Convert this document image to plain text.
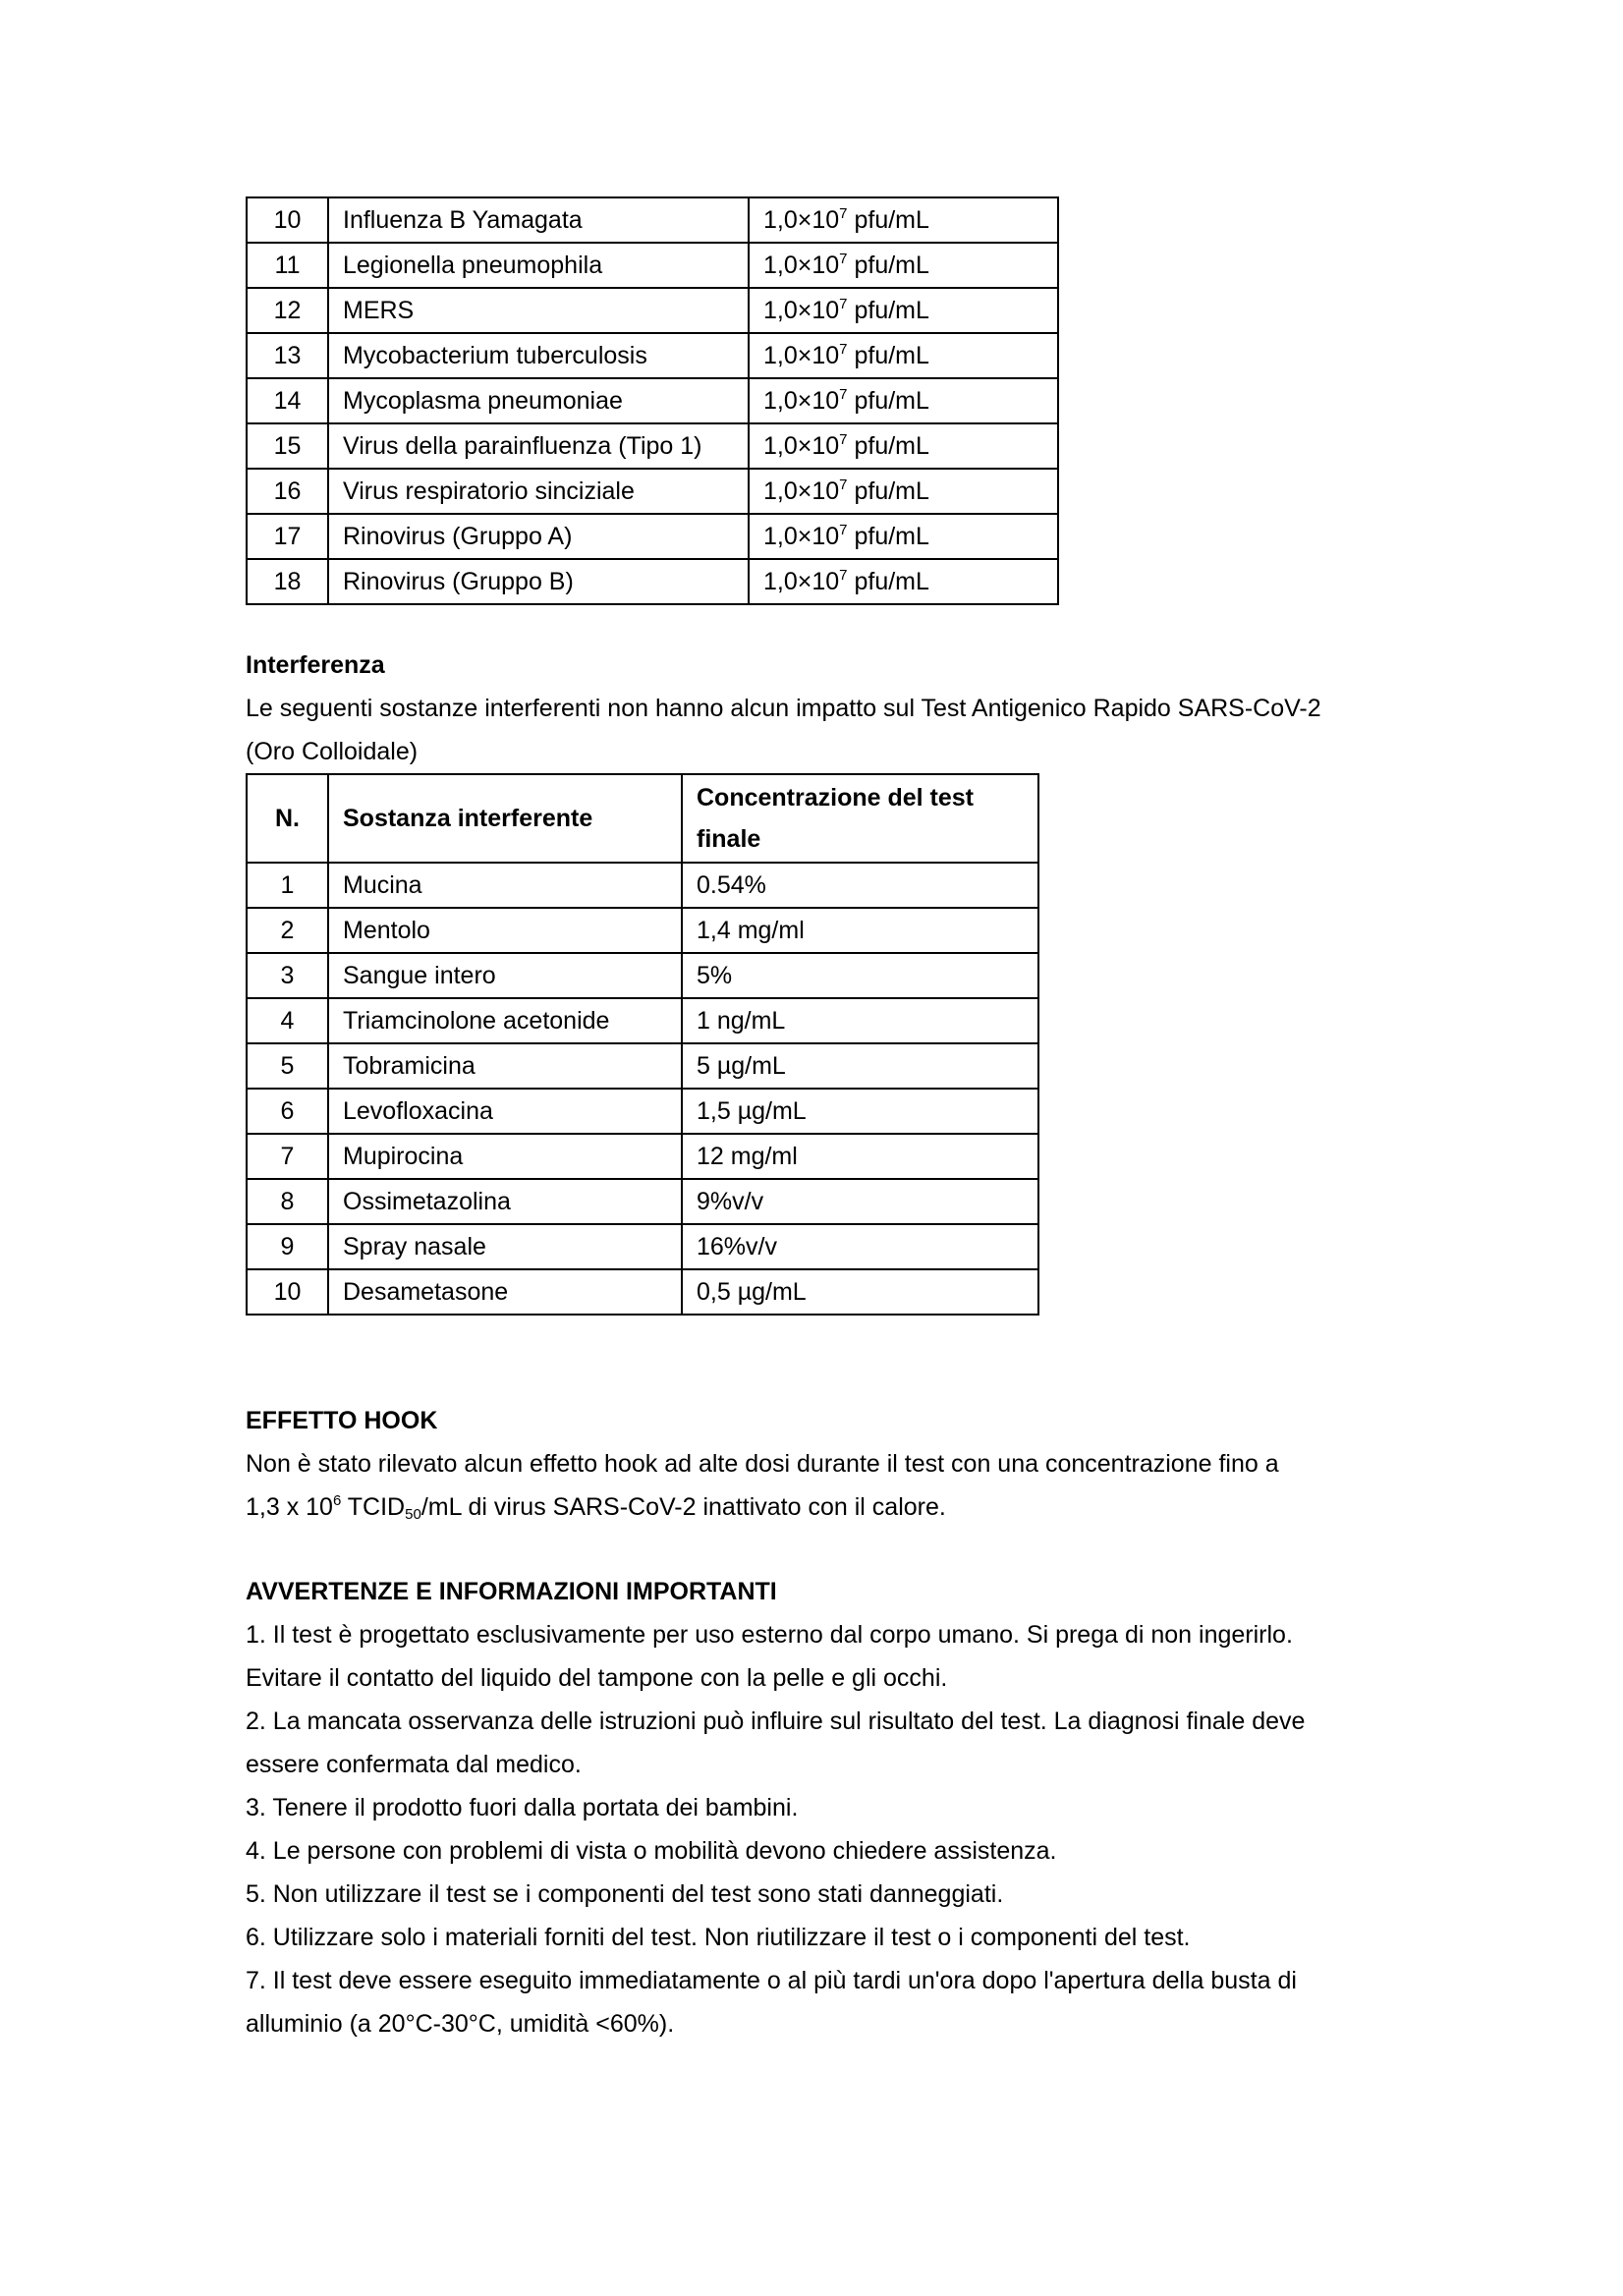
10	Influenza B Yamagata	$1,0\times 10^7$ pfu/mL
11	Legionella pneumophila	$1,0\times 10^7$ pfu/mL
12	MERS	$1,0\times 10^7$ pfu/mL
13	Mycobacterium tuberculosis	$1,0\times 10^7$ pfu/mL
14	Mycoplasma pneumoniae	$1,0\times 10^7$ pfu/mL
15	Virus della parainfluenza (Tipo 1)	$1,0\times 10^7$ pfu/mL
16	Virus respiratorio sinciziale	$1,0\times 10^7$ pfu/mL
17	Rinovirus (Gruppo A)	$1,0\times 10^7$ pfu/mL
18	Rinovirus (Gruppo B)	$1,0\times 10^7$ pfu/mL
Interferenza
Le seguenti sostanze interferenti non hanno alcun impatto sul Test Antigenico Rapido SARS-CoV-2
(Oro Colloidale)
N.	Sostanza interferente	Concentrazione del test
finale
1	Mucina	0.54%
2	Mentolo	1,4 mg/ml
3	Sangue intero	5%
4	Triamcinolone acetonide	1 ng/mL
5	Tobramicina	5 µg/mL
6	Levofloxacina	1,5 µg/mL
7	Mupirocina	12 mg/ml
8	Ossimetazolina	9%v/v
9	Spray nasale	16%v/v
10	Desametasone	0,5 µg/mL
EFFETTO HOOK
Non è stato rilevato alcun effetto hook ad alte dosi durante il test con una concentrazione fino a
1,3 x $10^6$ $TCID_{50}/mL$ di virus SARS-CoV-2 inattivato con il calore.
AVVERTENZE E INFORMAZIONI IMPORTANTI
1. Il test è progettato esclusivamente per uso esterno dal corpo umano. Si prega di non ingerirlo.
Evitare il contatto del liquido del tampone con la pelle e gli occhi.
2. La mancata osservanza delle istruzioni può influire sul risultato del test. La diagnosi finale deve
essere confermata dal medico.
3. Tenere il prodotto fuori dalla portata dei bambini.
4. Le persone con problemi di vista o mobilità devono chiedere assistenza.
5. Non utilizzare il test se i componenti del test sono stati danneggiati.
6. Utilizzare solo i materiali forniti del test. Non riutilizzare il test o i componenti del test.
7. Il test deve essere eseguito immediatamente o al più tardi un'ora dopo l'apertura della busta di
alluminio (a 20°C-30°C, umidità <60%).
